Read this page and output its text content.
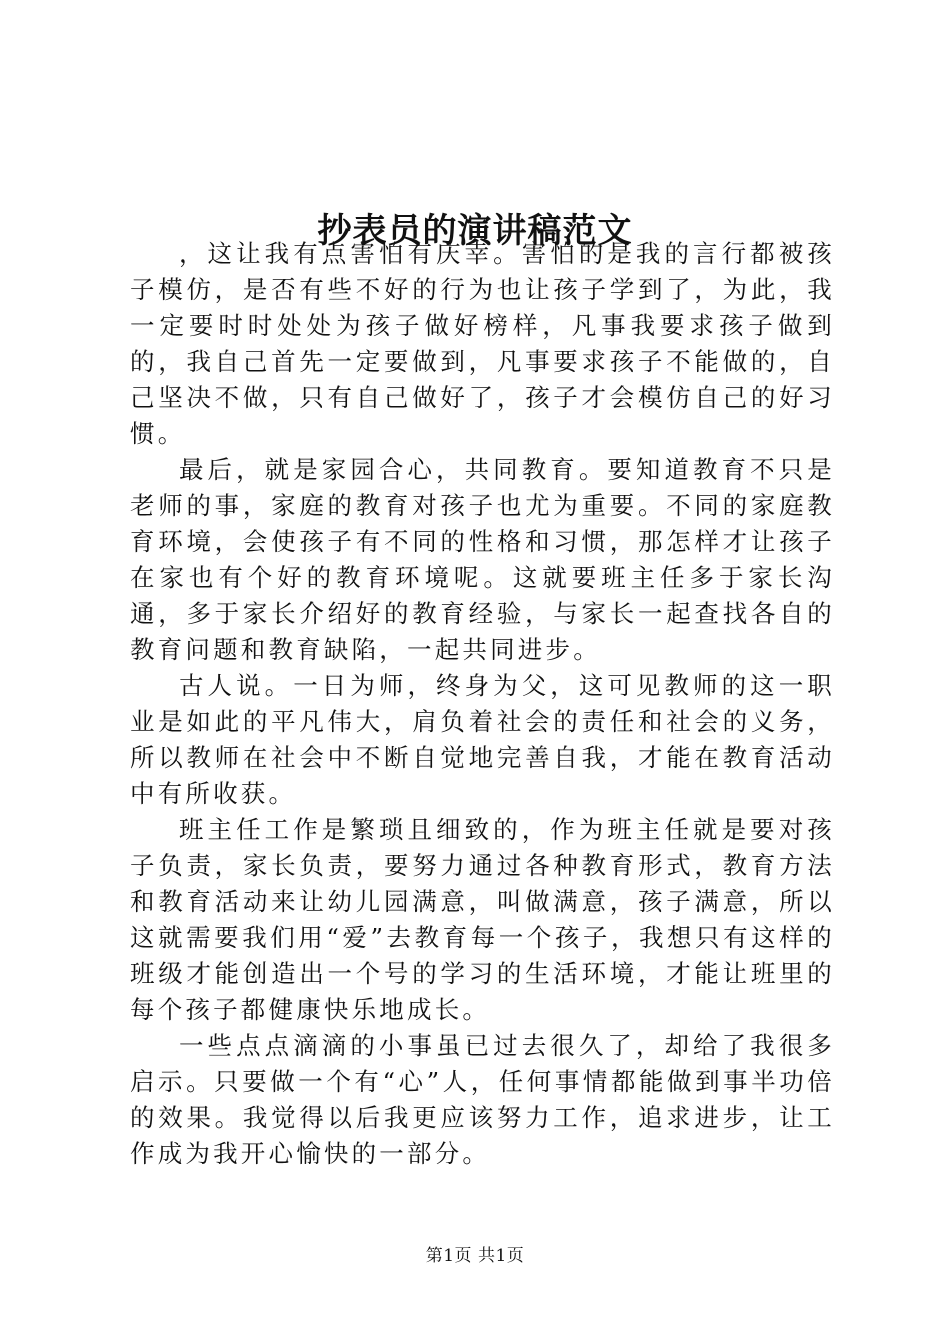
抄表员的演讲稿范文

，这让我有点害怕有庆幸。害怕的是我的言行都被孩子模仿，是否有些不好的行为也让孩子学到了，为此，我一定要时时处处为孩子做好榜样，凡事我要求孩子做到的，我自己首先一定要做到，凡事要求孩子不能做的，自己坚决不做，只有自己做好了，孩子才会模仿自己的好习惯。

最后，就是家园合心，共同教育。要知道教育不只是老师的事，家庭的教育对孩子也尤为重要。不同的家庭教育环境，会使孩子有不同的性格和习惯，那怎样才让孩子在家也有个好的教育环境呢。这就要班主任多于家长沟通，多于家长介绍好的教育经验，与家长一起查找各自的教育问题和教育缺陷，一起共同进步。

古人说。一日为师，终身为父，这可见教师的这一职业是如此的平凡伟大，肩负着社会的责任和社会的义务，所以教师在社会中不断自觉地完善自我，才能在教育活动中有所收获。

班主任工作是繁琐且细致的，作为班主任就是要对孩子负责，家长负责，要努力通过各种教育形式，教育方法和教育活动来让幼儿园满意，叫做满意，孩子满意，所以这就需要我们用“爱”去教育每一个孩子，我想只有这样的班级才能创造出一个号的学习的生活环境，才能让班里的每个孩子都健康快乐地成长。

一些点点滴滴的小事虽已过去很久了，却给了我很多启示。只要做一个有“心”人，任何事情都能做到事半功倍的效果。我觉得以后我更应该努力工作，追求进步，让工作成为我开心愉快的一部分。

第1页 共1页
